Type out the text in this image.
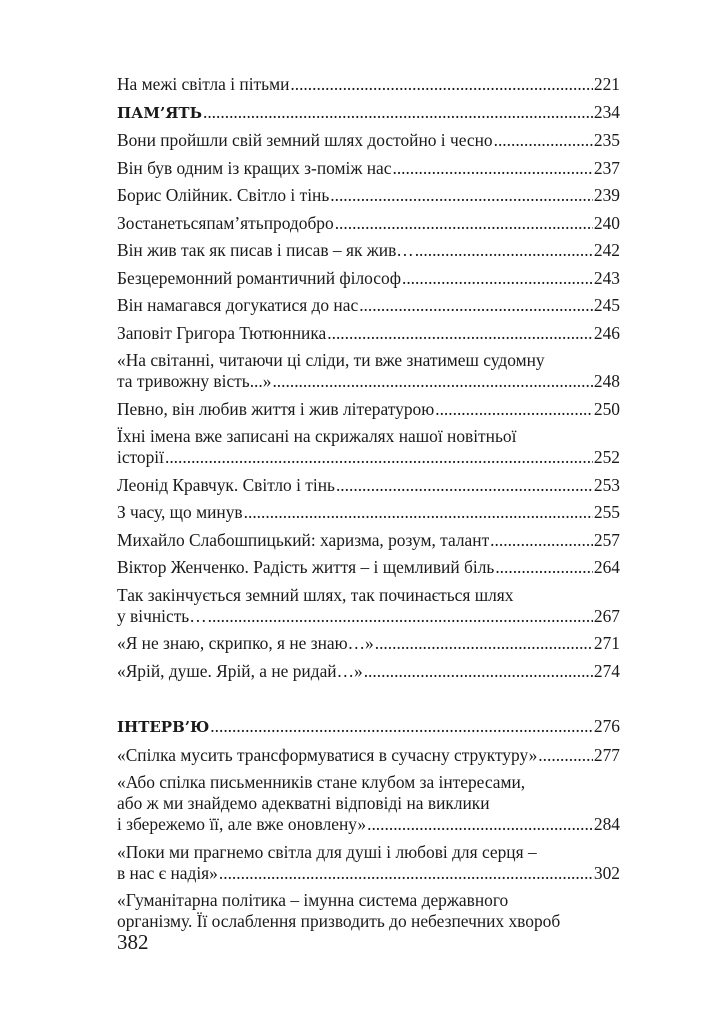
На межі світла і пітьми .....	221
ПАМ’ЯТЬ .....	234
Вони пройшли свій земний шлях достойно і чесно .....	235
Він був одним із кращих з-поміж нас .....	237
Борис Олійник. Світло і тінь .....	239
Зостанетьсяпам’ятьпродобро .....	240
Він жив так як писав і писав – як жив… .....	242
Безцеремонний романтичний філософ .....	243
Він намагався догукатися до нас .....	245
Заповіт Григора Тютюнника .....	246
«На світанні, читаючи ці сліди, ти вже знатимеш судомну
та тривожну вість...» .....	248
Певно, він любив життя і жив літературою .....	250
Їхні імена вже записані на скрижалях нашої новітньої
історії .....	252
Леонід Кравчук. Світло і тінь .....	253
З часу, що минув .....	255
Михайло Слабошпицький: харизма, розум, талант .....	257
Віктор Женченко. Радість життя – і щемливий біль .....	264
Так закінчується земний шлях, так починається шлях
у вічність… .....	267
«Я не знаю, скрипко, я не знаю…» .....	271
«Ярій, душе. Ярій, а не ридай…» .....	274
ІНТЕРВ’Ю .....	276
«Спілка мусить трансформуватися в сучасну структуру» .....	277
«Або спілка письменників стане клубом за інтересами,
або ж ми знайдемо адекватні відповіді на виклики
і збережемо її, але вже оновлену» .....	284
«Поки ми прагнемо світла для душі і любові для серця –
в нас є надія» .....	302
«Гуманітарна політика – імунна система державного
організму. Її ослаблення призводить до небезпечних хвороб
382
